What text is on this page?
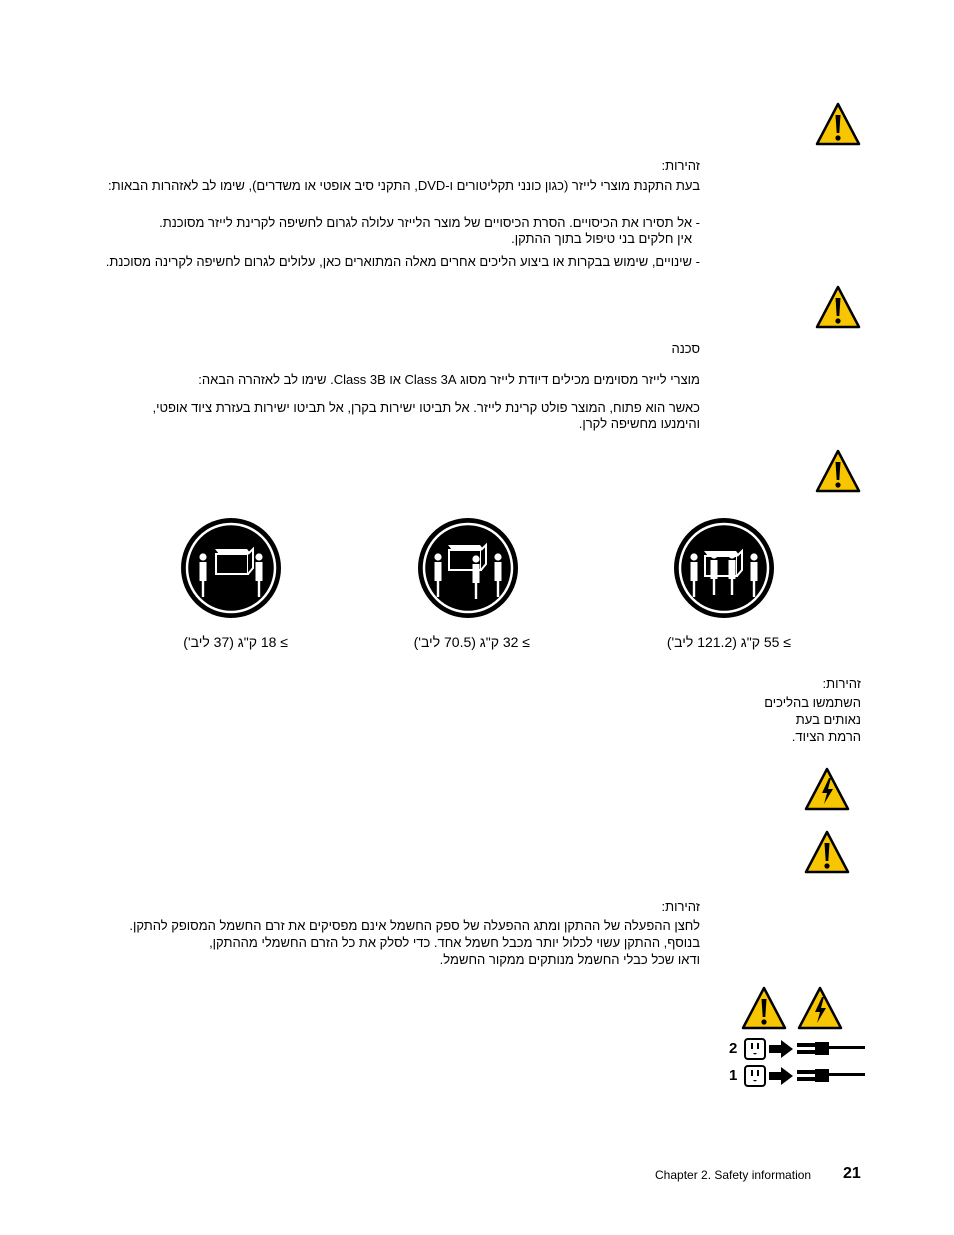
זהירות:
בעת התקנת מוצרי לייזר (כגון כונני תקליטורים ו-DVD, התקני סיב אופטי או משדרים), שימו לב לאזהרות הבאות:
- אל תסירו את הכיסויים. הסרת הכיסויים של מוצר הלייזר עלולה לגרום לחשיפה לקרינת לייזר מסוכנת.
אין חלקים בני טיפול בתוך ההתקן.
- שינויים, שימוש בבקרות או ביצוע הליכים אחרים מאלה המתוארים כאן, עלולים לגרום לחשיפה לקרינה מסוכנת.
סכנה
מוצרי לייזר מסוימים מכילים דיודת לייזר מסוג Class 3A או Class 3B. שימו לב לאזהרה הבאה:
כאשר הוא פתוח, המוצר פולט קרינת לייזר. אל תביטו ישירות בקרן, אל תביטו ישירות בעזרת ציוד אופטי,
והימנעו מחשיפה לקרן.
≥ 18 ק"ג (37 ליב')	≥ 32 ק"ג (70.5 ליב')	≥ 55 ק"ג (121.2 ליב')
זהירות:
השתמשו בהליכים
נאותים בעת
הרמת הציוד.
זהירות:
לחצן ההפעלה של ההתקן ומתג ההפעלה של ספק החשמל אינם מפסיקים את זרם החשמל המסופק להתקן.
בנוסף, ההתקן עשוי לכלול יותר מכבל חשמל אחד. כדי לסלק את כל הזרם החשמלי מההתקן,
ודאו שכל כבלי החשמל מנותקים ממקור החשמל.
2
1
Chapter 2. Safety information 21
